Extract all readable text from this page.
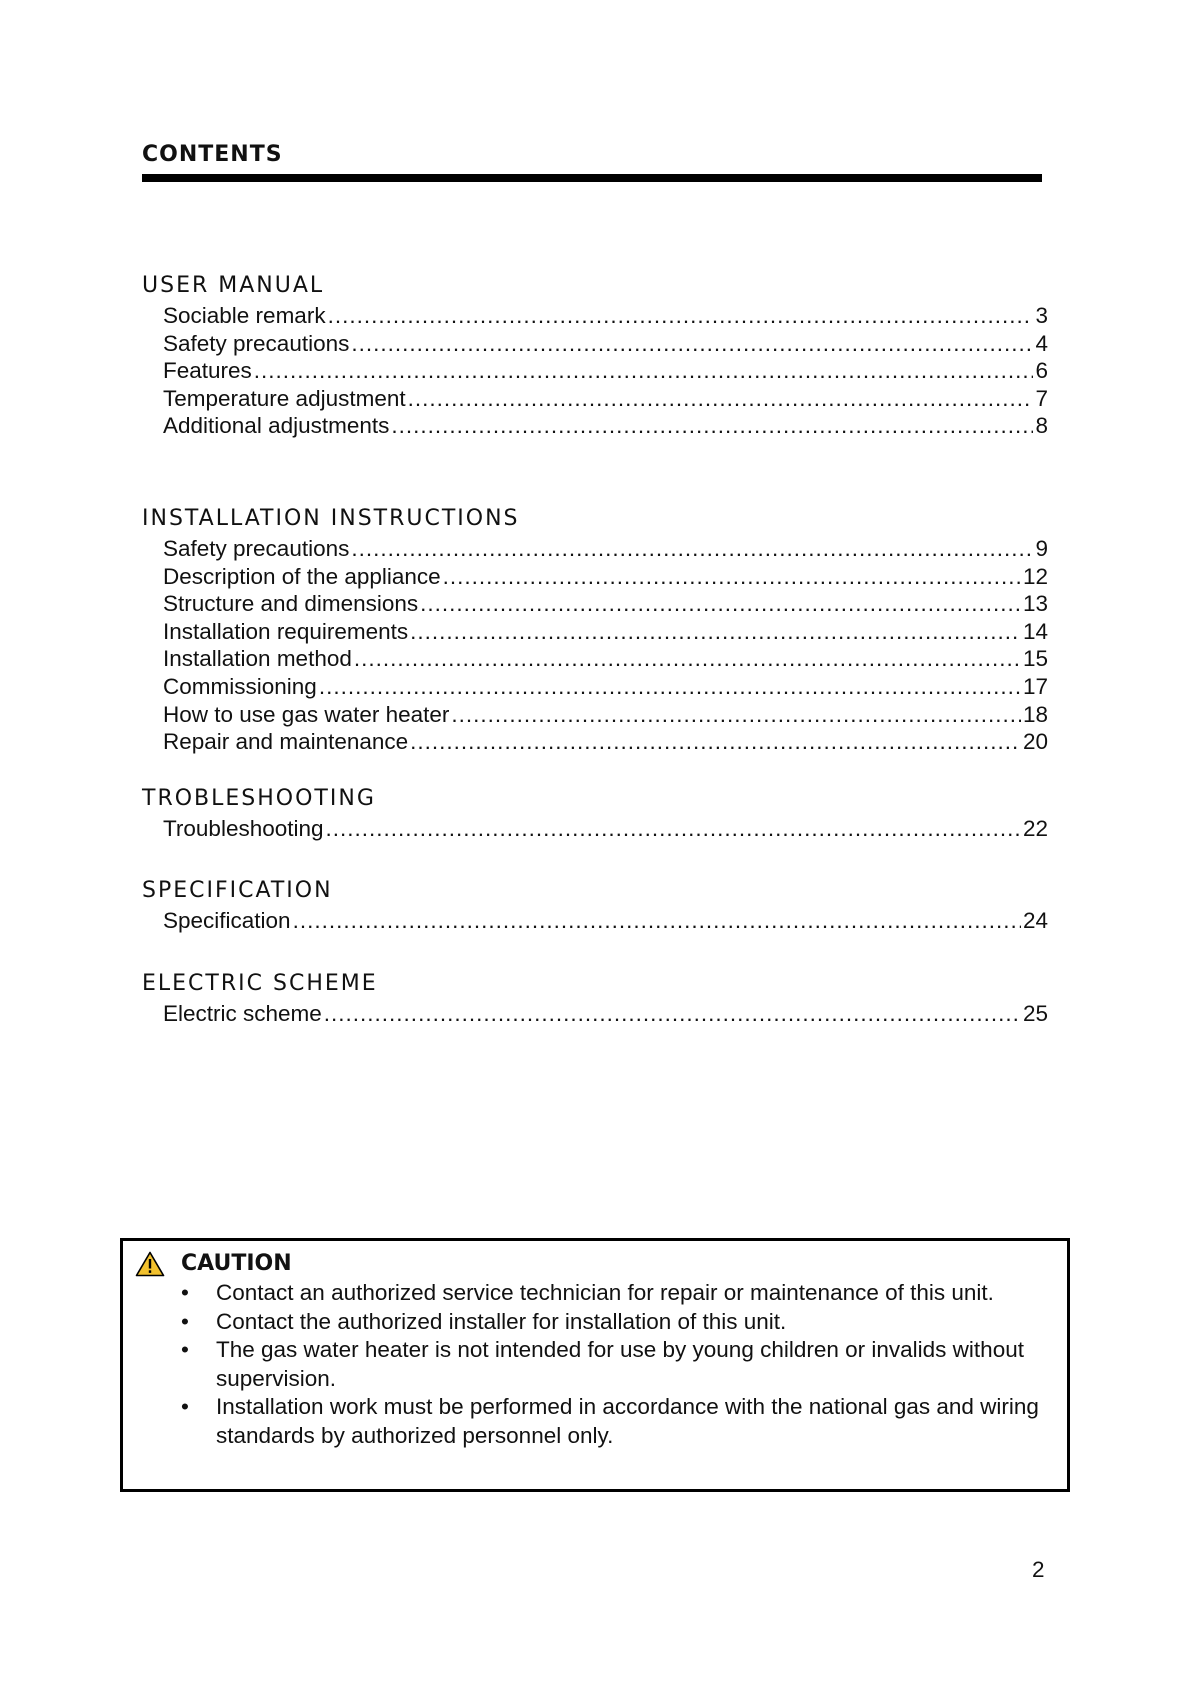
CONTENTS
USER MANUAL
Sociable remark .....	3
Safety precautions .....	4
Features .....	6
Temperature adjustment .....	7
Additional adjustments .....	8
INSTALLATION INSTRUCTIONS
Safety precautions .....	9
Description of the appliance .....	12
Structure and dimensions .....	13
Installation requirements .....	14
Installation method .....	15
Commissioning .....	17
How to use gas water heater .....	18
Repair and maintenance .....	20
TROBLESHOOTING
Troubleshooting .....	22
SPECIFICATION
Specification .....	24
ELECTRIC SCHEME
Electric scheme .....	25
CAUTION
• Contact an authorized service technician for repair or maintenance of this unit.
• Contact the authorized installer for installation of this unit.
• The gas water heater is not intended for use by young children or invalids without supervision.
• Installation work must be performed in accordance with the national gas and wiring standards by authorized personnel only.
2
